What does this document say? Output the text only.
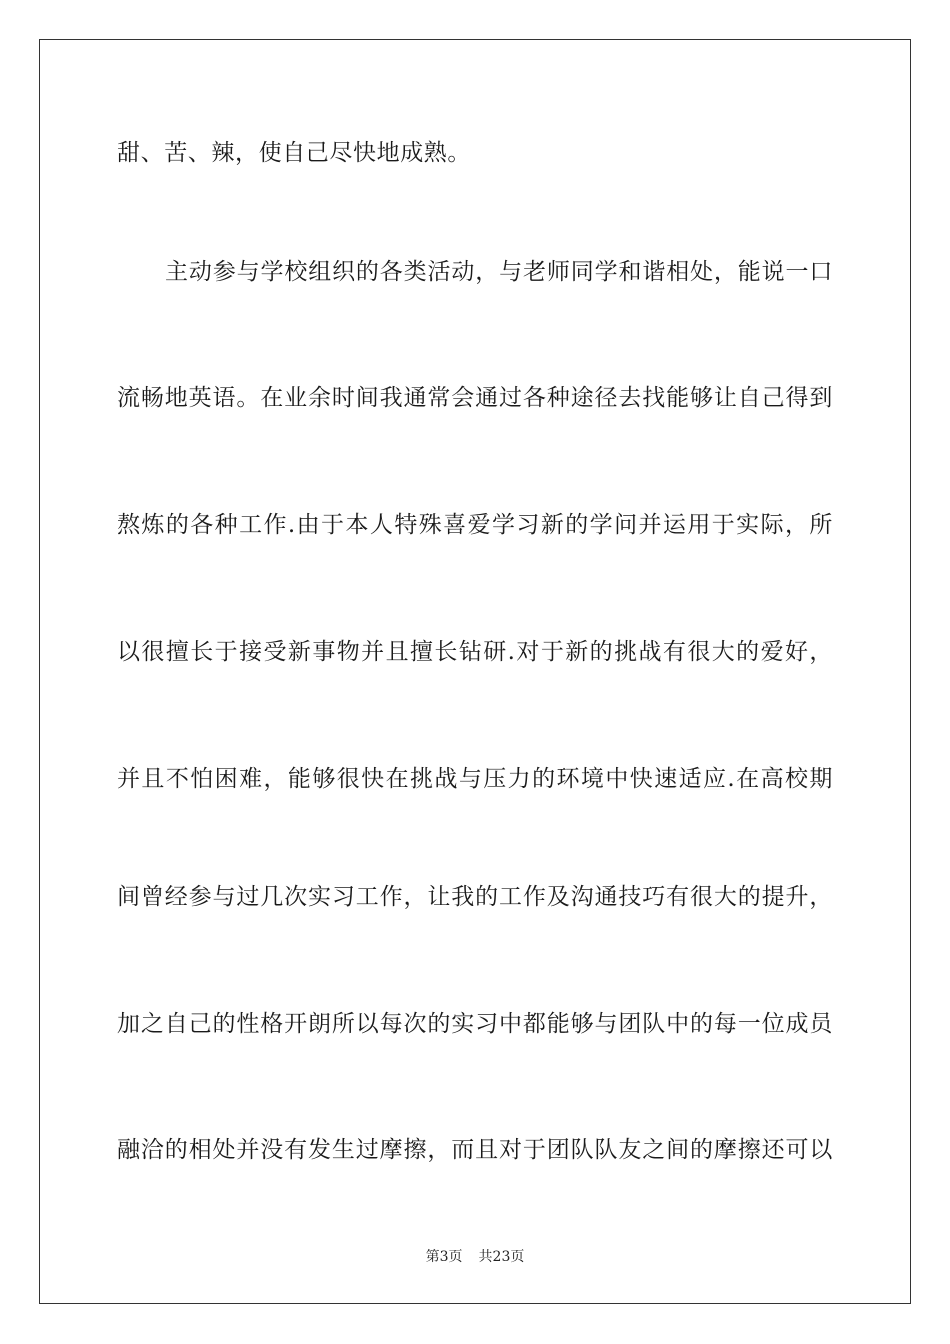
甜、苦、辣，使自己尽快地成熟。
主动参与学校组织的各类活动，与老师同学和谐相处，能说一口
流畅地英语。在业余时间我通常会通过各种途径去找能够让自己得到
熬炼的各种工作.由于本人特殊喜爱学习新的学问并运用于实际，所
以很擅长于接受新事物并且擅长钻研.对于新的挑战有很大的爱好，
并且不怕困难，能够很快在挑战与压力的环境中快速适应.在高校期
间曾经参与过几次实习工作，让我的工作及沟通技巧有很大的提升，
加之自己的性格开朗所以每次的实习中都能够与团队中的每一位成员
融洽的相处并没有发生过摩擦，而且对于团队队友之间的摩擦还可以
第3页 共23页
